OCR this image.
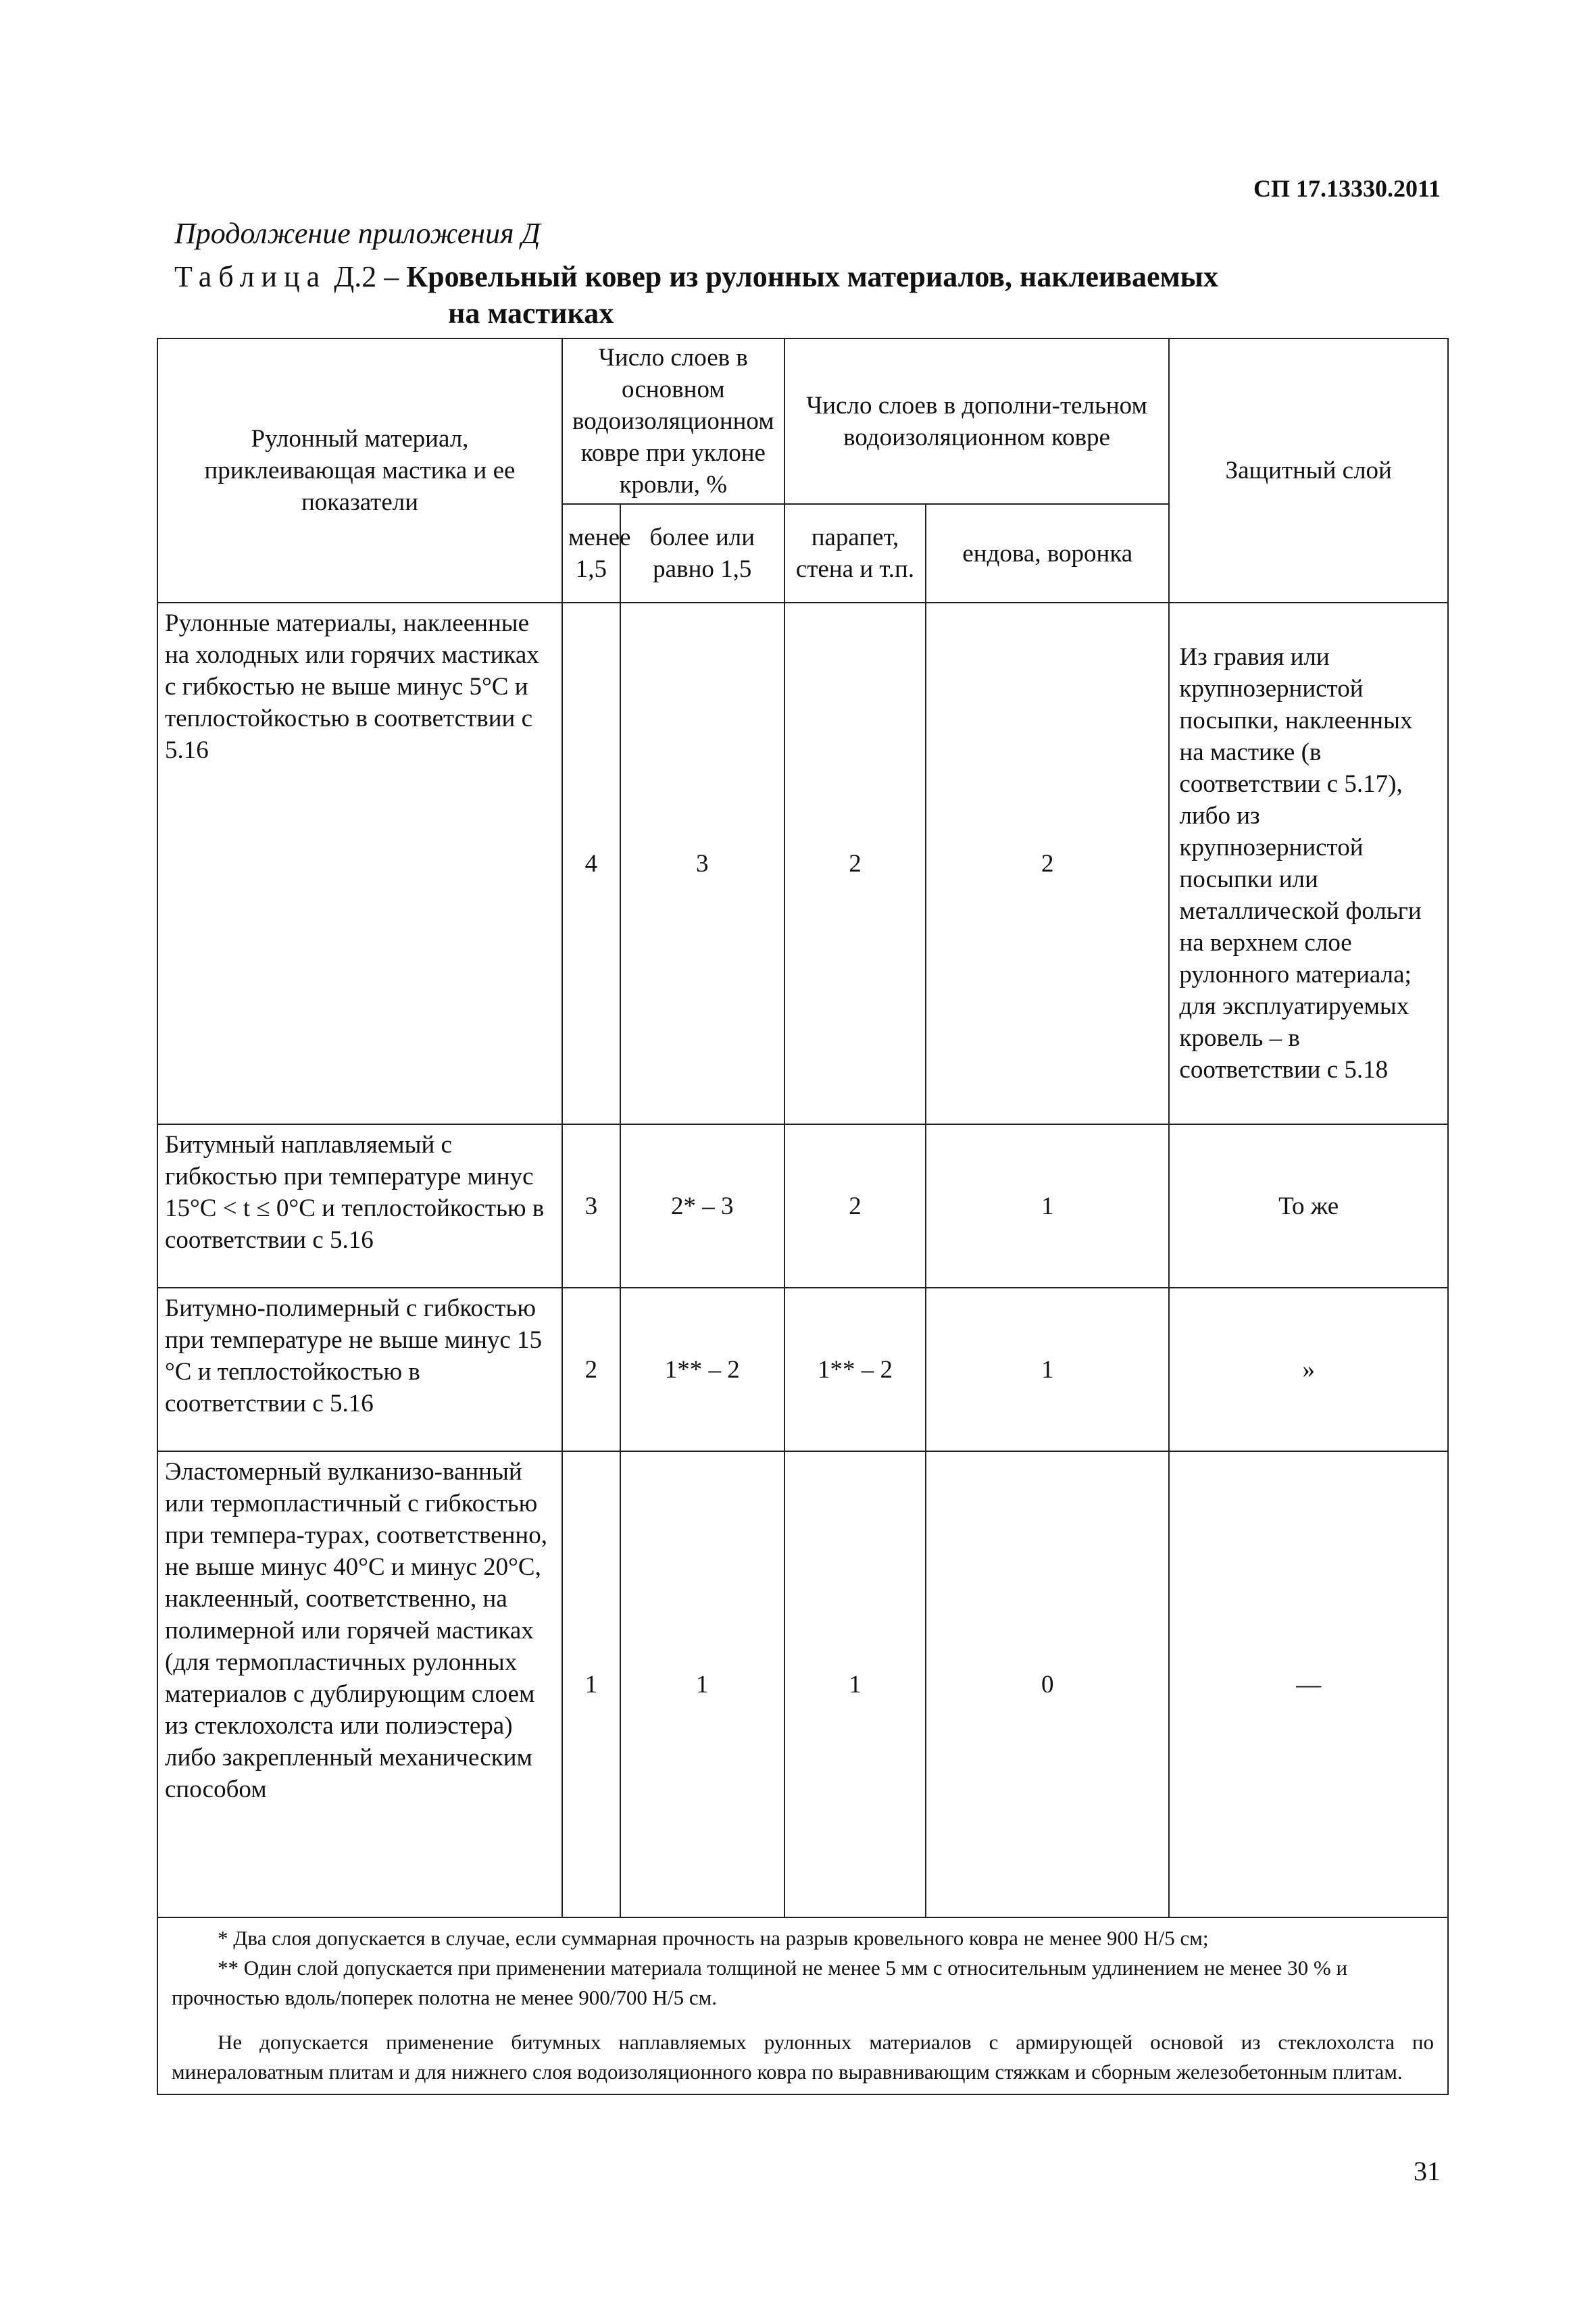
СП 17.13330.2011
Продолжение приложения Д
Таблица Д.2 – Кровельный ковер из рулонных материалов, наклеиваемых
на мастиках
Рулонный материал, приклеивающая мастика и ее показатели	Число слоев в основном водоизоляционном ковре при уклоне кровли, %		Число слоев в дополни-тельном водоизоляционном ковре		Защитный слой
	менее 1,5	более или равно 1,5	парапет, стена и т.п.	ендова, воронка	
Рулонные материалы, наклеенные на холодных или горячих мастиках с гибкостью не выше минус 5°С и теплостойкостью в соответствии с 5.16	4	3	2	2	Из гравия или крупнозернистой посыпки, наклеенных на мастике (в соответствии с 5.17), либо из крупнозернистой посыпки или металлической фольги на верхнем слое рулонного материала; для эксплуатируемых кровель – в соответствии с 5.18
Битумный наплавляемый с гибкостью при температуре минус 15°С < t ≤ 0°С и теплостойкостью в соответствии с 5.16	3	2* – 3	2	1	То же
Битумно-полимерный с гибкостью при температуре не выше минус 15 °С и теплостойкостью в соответствии с 5.16	2	1** – 2	1** – 2	1	»
Эластомерный вулканизо-ванный или термопластичный с гибкостью при темпера-турах, соответственно, не выше минус 40°С и минус 20°С, наклеенный, соответственно, на полимерной или горячей мастиках (для термопластичных рулонных материалов с дублирующим слоем из стеклохолста или полиэстера) либо закрепленный механическим способом	1	1	1	0	—

* Два слоя допускается в случае, если суммарная прочность на разрыв кровельного ковра не менее 900 Н/5 см;

** Один слой допускается при применении материала толщиной не менее 5 мм с относительным удлинением не менее 30 % и прочностью вдоль/поперек полотна не менее 900/700 Н/5 см.

Не допускается применение битумных наплавляемых рулонных материалов с армирующей основой из стеклохолста по минераловатным плитам и для нижнего слоя водоизоляционного ковра по выравнивающим стяжкам и сборным железобетонным плитам.					

31
